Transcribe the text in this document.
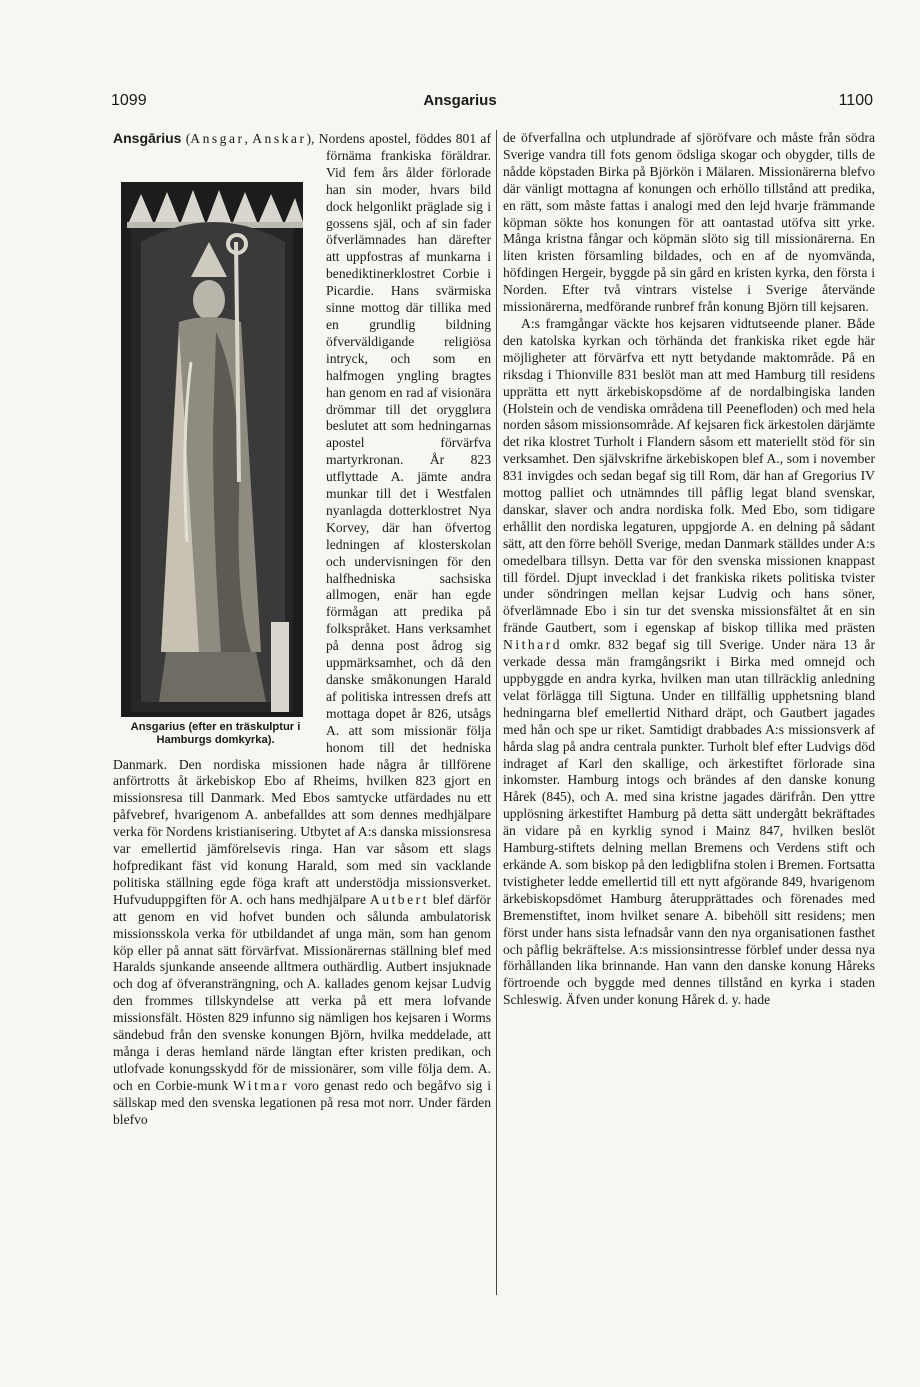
1099	Ansgarius	1100

Ansgārius (Ansgar, Anskar),
Ansgarius (efter en träskulptur i Hamburgs domkyrka).
Nordens apostel, föddes 801 af förnäma frankiska föräldrar. Vid fem års ålder förlorade han sin moder, hvars bild dock helgonlikt präglade sig i gossens själ, och af sin fader öfverlämnades han därefter att uppfostras af munkarna i benediktinerklostret Corbie i Picardie. Hans svärmiska sinne mottog där tillika med en grundlig bildning öfverväldigande religiösa intryck, och som en halfmogen yngling bragtes han genom en rad af visionära drömmar till det orygglига beslutet att som hedningarnas apostel förvärfva martyrkronan. År 823 utflyttade A. jämte andra munkar till det i Westfalen nyanlagda dotterklostret Nya Korvey, där han öfvertog ledningen af klosterskolan och undervisningen för den halfhedniska sachsiska allmogen, enär han egde förmågan att predika på folkspråket. Hans verksamhet på denna post ådrog sig uppmärksamhet, och då den danske småkonungen Harald af politiska intressen drefs att mottaga dopet år 826, utsågs A. att som missionär följa honom till det hedniska Danmark. Den nordiska missionen hade några år tillförene anförtrotts åt ärkebiskop Ebo af Rheims, hvilken 823 gjort en missionsresa till Danmark. Med Ebos samtycke utfärdades nu ett påfvebref, hvarigenom A. anbefalldes att som dennes medhjälpare verka för Nordens kristianisering. Utbytet af A:s danska missionsresa var emellertid jämförelsevis ringa. Han var såsom ett slags hofpredikant fäst vid konung Harald, som med sin vacklande politiska ställning egde föga kraft att understödja missionsverket. Hufvuduppgiften för A. och hans medhjälpare Autbert blef därför att genom en vid hofvet bunden och sålunda ambulatorisk missionsskola verka för utbildandet af unga män, som han genom köp eller på annat sätt förvärfvat. Missionärernas ställning blef med Haralds sjunkande anseende alltmera outhärdlig. Autbert insjuknade och dog af öfveransträngning, och A. kallades genom kejsar Ludvig den frommes tillskyndelse att verka på ett mera lofvande missionsfält. Hösten 829 infunno sig nämligen hos kejsaren i Worms sändebud från den svenske konungen Björn, hvilka meddelade, att många i deras hemland närde längtan efter kristen predikan, och utlofvade konungsskydd för de missionärer, som ville följa dem. A. och en Corbie-munk Witmar voro genast redo och begåfvo sig i sällskap med den svenska legationen på resa mot norr. Under färden blefvo

de öfverfallna och utplundrade af sjöröfvare och måste från södra Sverige vandra till fots genom ödsliga skogar och obygder, tills de nådde köpstaden Birka på Björkön i Mälaren. Missionärerna blefvo där vänligt mottagna af konungen och erhöllo tillstånd att predika, en rätt, som måste fattas i analogi med den lejd hvarje främmande köpman sökte hos konungen för att oantastad utöfva sitt yrke. Många kristna fångar och köpmän slöto sig till missionärerna. En liten kristen församling bildades, och en af de nyomvända, höfdingen Hergeir, byggde på sin gård en kristen kyrka, den första i Norden. Efter två vintrars vistelse i Sverige återvände missionärerna, medförande runbref från konung Björn till kejsaren.

A:s framgångar väckte hos kejsaren vidtutseende planer. Både den katolska kyrkan och törhända det frankiska riket egde här möjligheter att förvärfva ett nytt betydande maktområde. På en riksdag i Thionville 831 beslöt man att med Hamburg till residens upprätta ett nytt ärkebiskopsdöme af de nordalbingiska landen (Holstein och de vendiska områdena till Peenefloden) och med hela norden såsom missionsområde. Af kejsaren fick ärkestolen därjämte det rika klostret Turholt i Flandern såsom ett materiellt stöd för sin verksamhet. Den självskrifne ärkebiskopen blef A., som i november 831 invigdes och sedan begaf sig till Rom, där han af Gregorius IV mottog palliet och utnämndes till påflig legat bland svenskar, danskar, slaver och andra nordiska folk. Med Ebo, som tidigare erhållit den nordiska legaturen, uppgjorde A. en delning på sådant sätt, att den förre behöll Sverige, medan Danmark ställdes under A:s omedelbara tillsyn. Detta var för den svenska missionen knappast till fördel. Djupt invecklad i det frankiska rikets politiska tvister under söndringen mellan kejsar Ludvig och hans söner, öfverlämnade Ebo i sin tur det svenska missionsfältet åt en sin frände Gautbert, som i egenskap af biskop tillika med prästen Nithard omkr. 832 begaf sig till Sverige. Under nära 13 år verkade dessa män framgångsrikt i Birka med omnejd och uppbyggde en andra kyrka, hvilken man utan tillräcklig anledning velat förlägga till Sigtuna. Under en tillfällig upphetsning bland hedningarna blef emellertid Nithard dräpt, och Gautbert jagades med hån och spe ur riket. Samtidigt drabbades A:s missionsverk af hårda slag på andra centrala punkter. Turholt blef efter Ludvigs död indraget af Karl den skallige, och ärkestiftet förlorade sina inkomster. Hamburg intogs och brändes af den danske konung Hårek (845), och A. med sina kristne jagades därifrån. Den yttre upplösning ärkestiftet Hamburg på detta sätt undergått bekräftades än vidare på en kyrklig synod i Mainz 847, hvilken beslöt Hamburg-stiftets delning mellan Bremens och Verdens stift och erkände A. som biskop på den ledigblifna stolen i Bremen. Fortsatta tvistigheter ledde emellertid till ett nytt afgörande 849, hvarigenom ärkebiskopsdömet Hamburg återupprättades och förenades med Bremenstiftet, inom hvilket senare A. bibehöll sitt residens; men först under hans sista lefnadsår vann den nya organisationen fasthet och påflig bekräftelse. A:s missionsintresse förblef under dessa nya förhållanden lika brinnande. Han vann den danske konung Håreks förtroende och byggde med dennes tillstånd en kyrka i staden Schleswig. Äfven under konung Hårek d. y. hade
